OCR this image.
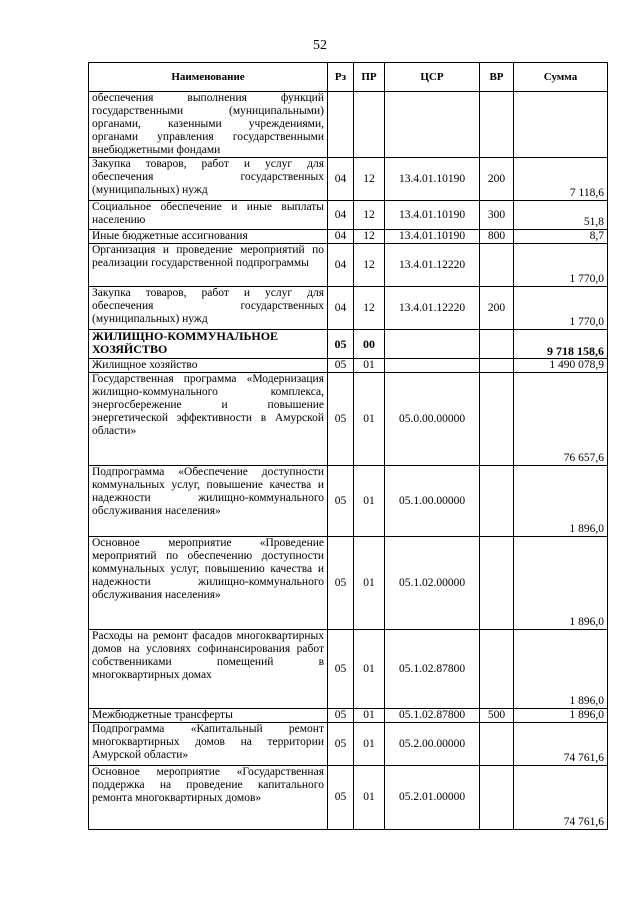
52
Наименование	Рз	ПР	ЦСР	ВР	Сумма
обеспечения выполнения функций государственными (муниципальными) органами, казенными учреждениями, органами управления государственными внебюджетными фондами					
Закупка товаров, работ и услуг для обеспечения государственных (муниципальных) нужд	04	12	13.4.01.10190	200	7 118,6
Социальное обеспечение и иные выплаты населению	04	12	13.4.01.10190	300	51,8
Иные бюджетные ассигнования	04	12	13.4.01.10190	800	8,7
Организация и проведение мероприятий по реализации государственной подпрограммы	04	12	13.4.01.12220		1 770,0
Закупка товаров, работ и услуг для обеспечения государственных (муниципальных) нужд	04	12	13.4.01.12220	200	1 770,0
ЖИЛИЩНО-КОММУНАЛЬНОЕ ХОЗЯЙСТВО	05	00			9 718 158,6
Жилищное хозяйство	05	01			1 490 078,9
Государственная программа «Модернизация жилищно-коммунального комплекса, энергосбережение и повышение энергетической эффективности в Амурской области»	05	01	05.0.00.00000		76 657,6
Подпрограмма «Обеспечение доступности коммунальных услуг, повышение качества и надежности жилищно-коммунального обслуживания населения»	05	01	05.1.00.00000		1 896,0
Основное мероприятие «Проведение мероприятий по обеспечению доступности коммунальных услуг, повышению качества и надежности жилищно-коммунального обслуживания населения»	05	01	05.1.02.00000		1 896,0
Расходы на ремонт фасадов многоквартирных домов на условиях софинансирования работ собственниками помещений в многоквартирных домах	05	01	05.1.02.87800		1 896,0
Межбюджетные трансферты	05	01	05.1.02.87800	500	1 896,0
Подпрограмма «Капитальный ремонт многоквартирных домов на территории Амурской области»	05	01	05.2.00.00000		74 761,6
Основное мероприятие «Государственная поддержка на проведение капитального ремонта многоквартирных домов»	05	01	05.2.01.00000		74 761,6
